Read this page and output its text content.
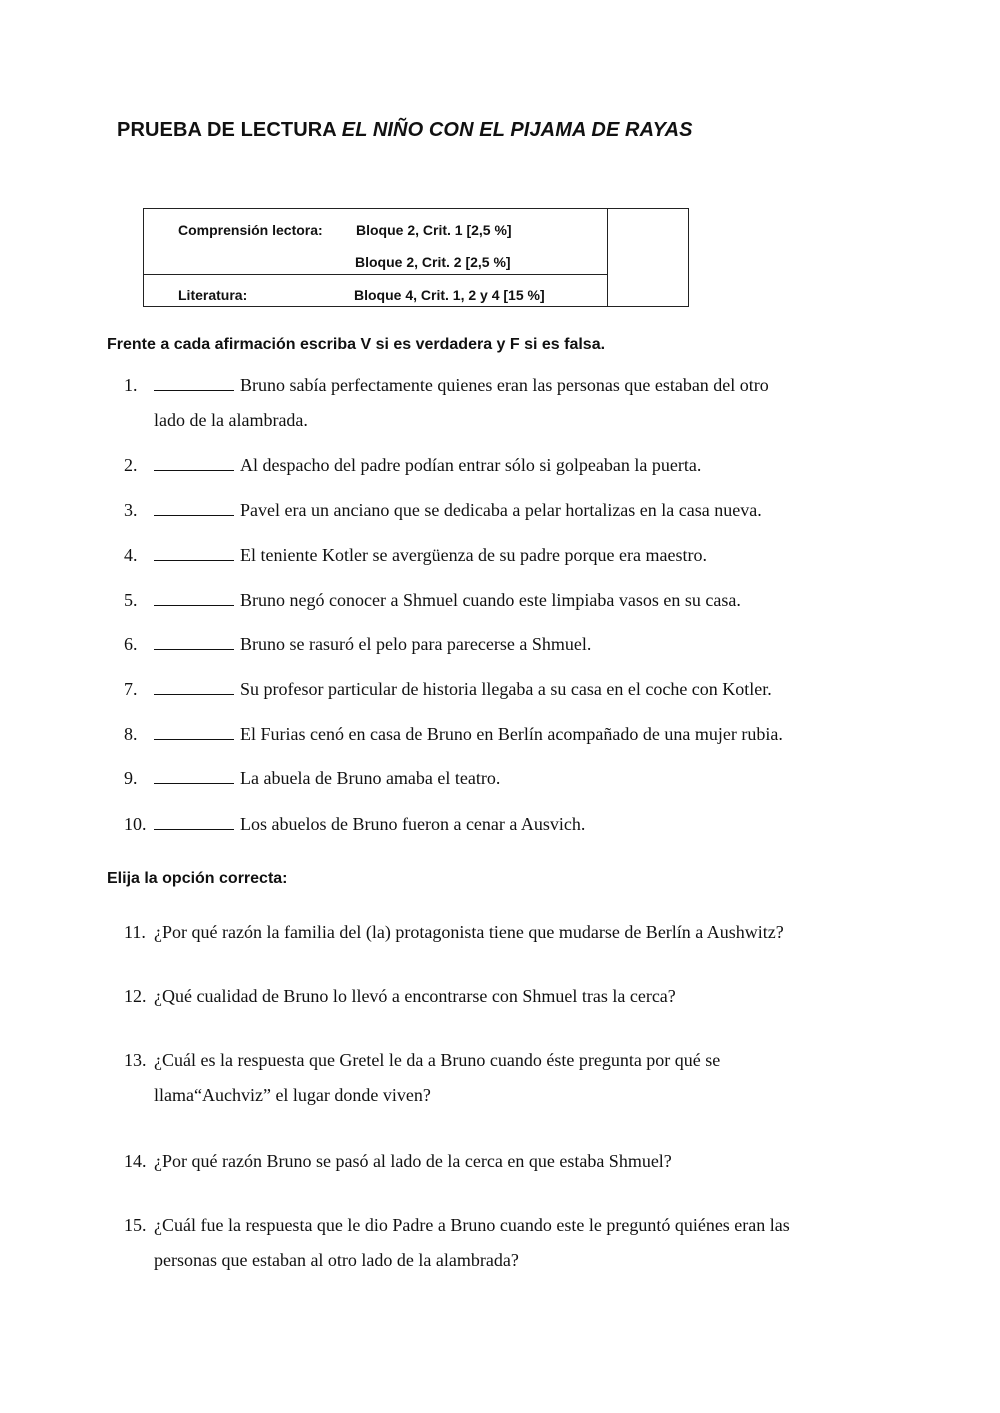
PRUEBA DE LECTURA EL NIÑO CON EL PIJAMA DE RAYAS
Comprensión lectora: Bloque 2, Crit. 1 [2,5 %]
Bloque 2, Crit. 2 [2,5 %]
Literatura:	Bloque 4, Crit. 1, 2 y 4 [15 %]
Frente a cada afirmación escriba V si es verdadera y F si es falsa.
1.	Bruno sabía perfectamente quienes eran las personas que estaban del otro
lado de la alambrada.
2.	Al despacho del padre podían entrar sólo si golpeaban la puerta.
3.	Pavel era un anciano que se dedicaba a pelar hortalizas en la casa nueva.
4.	El teniente Kotler se avergüenza de su padre porque era maestro.
5.	Bruno negó conocer a Shmuel cuando este limpiaba vasos en su casa.
6.	Bruno se rasuró el pelo para parecerse a Shmuel.
7.	Su profesor particular de historia llegaba a su casa en el coche con Kotler.
8.	El Furias cenó en casa de Bruno en Berlín acompañado de una mujer rubia.
9.	La abuela de Bruno amaba el teatro.
10.	Los abuelos de Bruno fueron a cenar a Ausvich.
Elija la opción correcta:
11. ¿Por qué razón la familia del (la) protagonista tiene que mudarse de Berlín a Aushwitz?
12. ¿Qué cualidad de Bruno lo llevó a encontrarse con Shmuel tras la cerca?
13. ¿Cuál es la respuesta que Gretel le da a Bruno cuando éste pregunta por qué se
llama“Auchviz” el lugar donde viven?
14. ¿Por qué razón Bruno se pasó al lado de la cerca en que estaba Shmuel?
15. ¿Cuál fue la respuesta que le dio Padre a Bruno cuando este le preguntó quiénes eran las
personas que estaban al otro lado de la alambrada?
